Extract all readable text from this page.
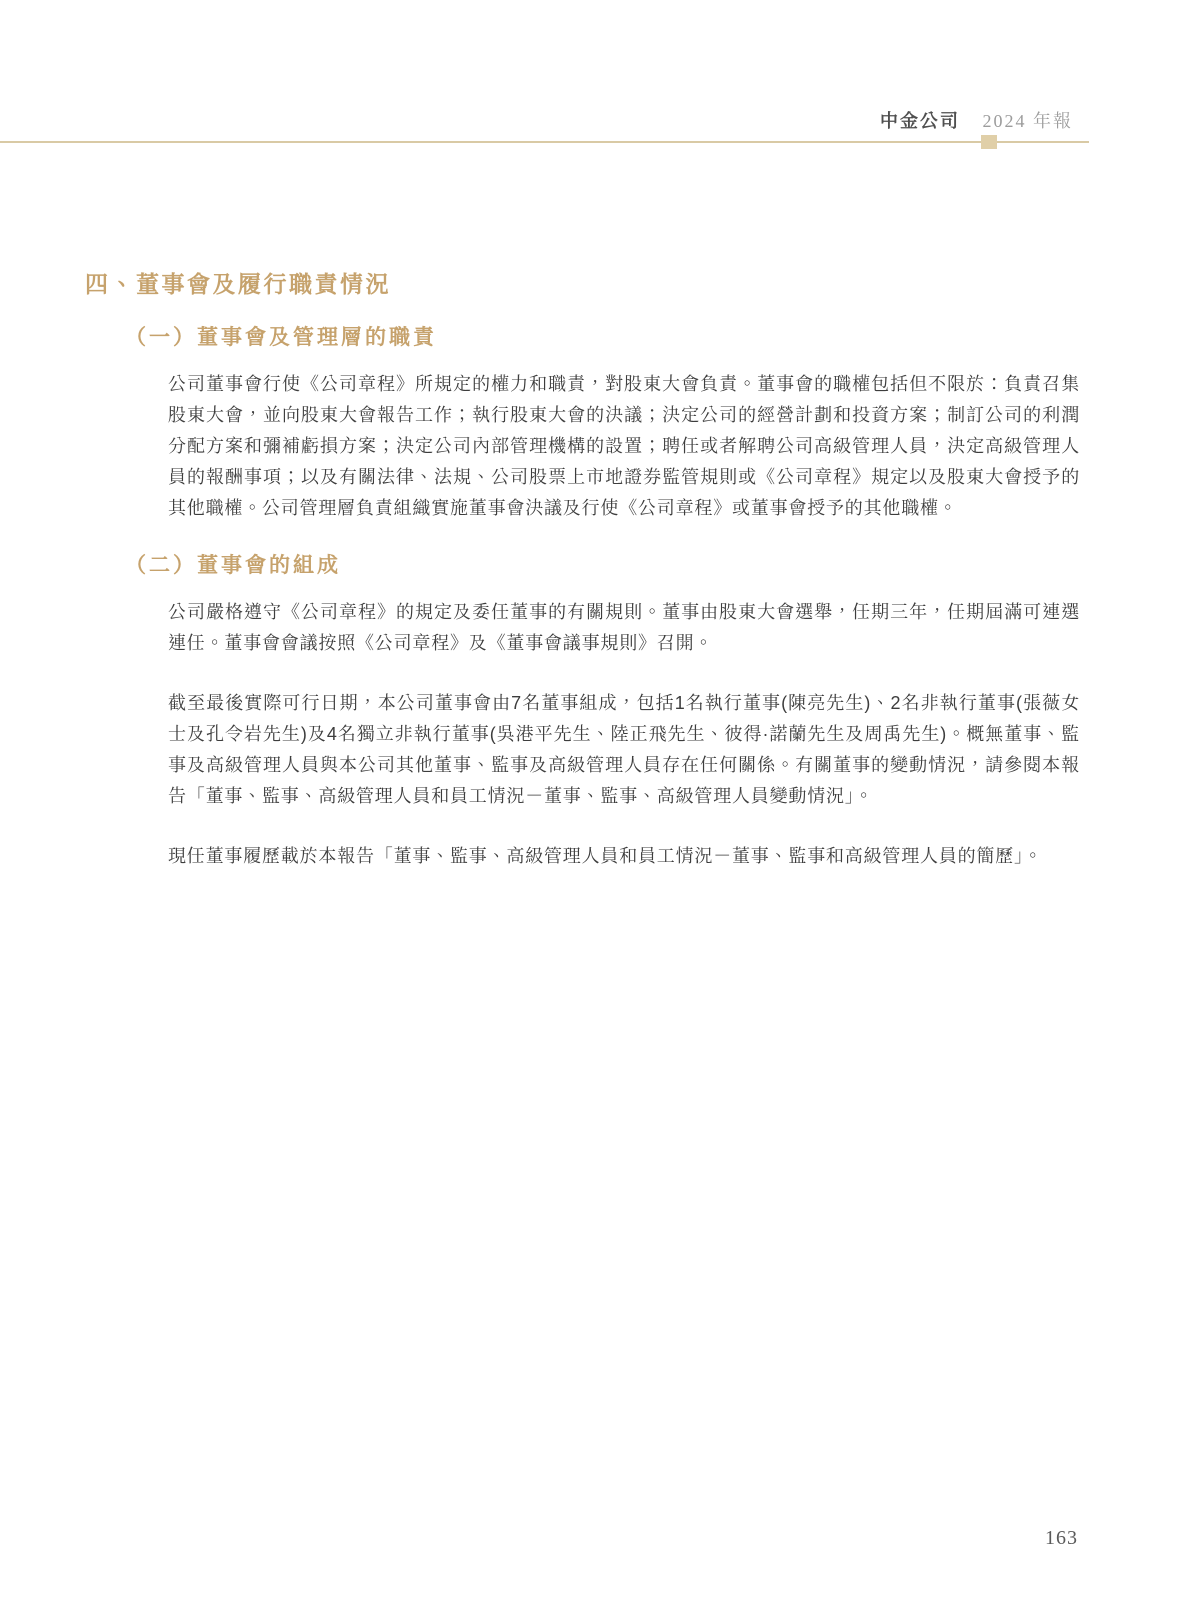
中金公司 2024 年報
四、董事會及履行職責情況
（一）董事會及管理層的職責

公司董事會行使《公司章程》所規定的權力和職責，對股東大會負責。董事會的職權包括但不限於：負責召集股東大會，並向股東大會報告工作；執行股東大會的決議；決定公司的經營計劃和投資方案；制訂公司的利潤分配方案和彌補虧損方案；決定公司內部管理機構的設置；聘任或者解聘公司高級管理人員，決定高級管理人員的報酬事項；以及有關法律、法規、公司股票上市地證券監管規則或《公司章程》規定以及股東大會授予的其他職權。公司管理層負責組織實施董事會決議及行使《公司章程》或董事會授予的其他職權。

（二）董事會的組成

公司嚴格遵守《公司章程》的規定及委任董事的有關規則。董事由股東大會選舉，任期三年，任期屆滿可連選連任。董事會會議按照《公司章程》及《董事會議事規則》召開。

截至最後實際可行日期，本公司董事會由7名董事組成，包括1名執行董事(陳亮先生)、2名非執行董事(張薇女士及孔令岩先生)及4名獨立非執行董事(吳港平先生、陸正飛先生、彼得·諾蘭先生及周禹先生)。概無董事、監事及高級管理人員與本公司其他董事、監事及高級管理人員存在任何關係。有關董事的變動情況，請參閱本報告「董事、監事、高級管理人員和員工情況－董事、監事、高級管理人員變動情況」。

現任董事履歷載於本報告「董事、監事、高級管理人員和員工情況－董事、監事和高級管理人員的簡歷」。

163
